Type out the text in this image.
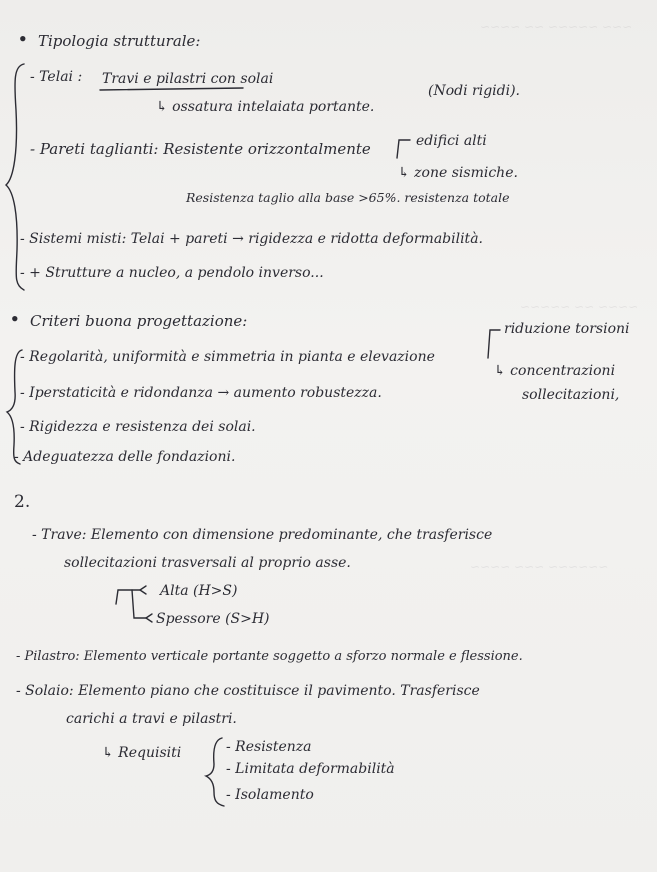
~~~ ~~~~~ ~~ ~~~~
~~~~ ~~ ~~~~~
~~~~~~ ~~~ ~~~~
• Tipologia strutturale:
- Telai : Travi e pilastri con solai
↳ ossatura intelaiata portante.
(Nodi rigidi).
- Pareti taglianti: Resistente orizzontalmente	edifici alti
↳ zone sismiche.
Resistenza taglio alla base >65%. resistenza totale
- Sistemi misti: Telai + pareti → rigidezza e ridotta deformabilità.
- + Strutture a nucleo, a pendolo inverso...
• Criteri buona progettazione:
- Regolarità, uniformità e simmetria in pianta e elevazione
riduzione torsioni
↳ concentrazioni
sollecitazioni,
- Iperstaticità e ridondanza → aumento robustezza.
- Rigidezza e resistenza dei solai.
- Adeguatezza delle fondazioni.
2.
- Trave: Elemento con dimensione predominante, che trasferisce
sollecitazioni trasversali al proprio asse.
Alta (H>S)
Spessore (S>H)
- Pilastro: Elemento verticale portante soggetto a sforzo normale e flessione.
- Solaio: Elemento piano che costituisce il pavimento. Trasferisce
carichi a travi e pilastri.
↳ Requisiti	- Resistenza
- Limitata deformabilità
- Isolamento
